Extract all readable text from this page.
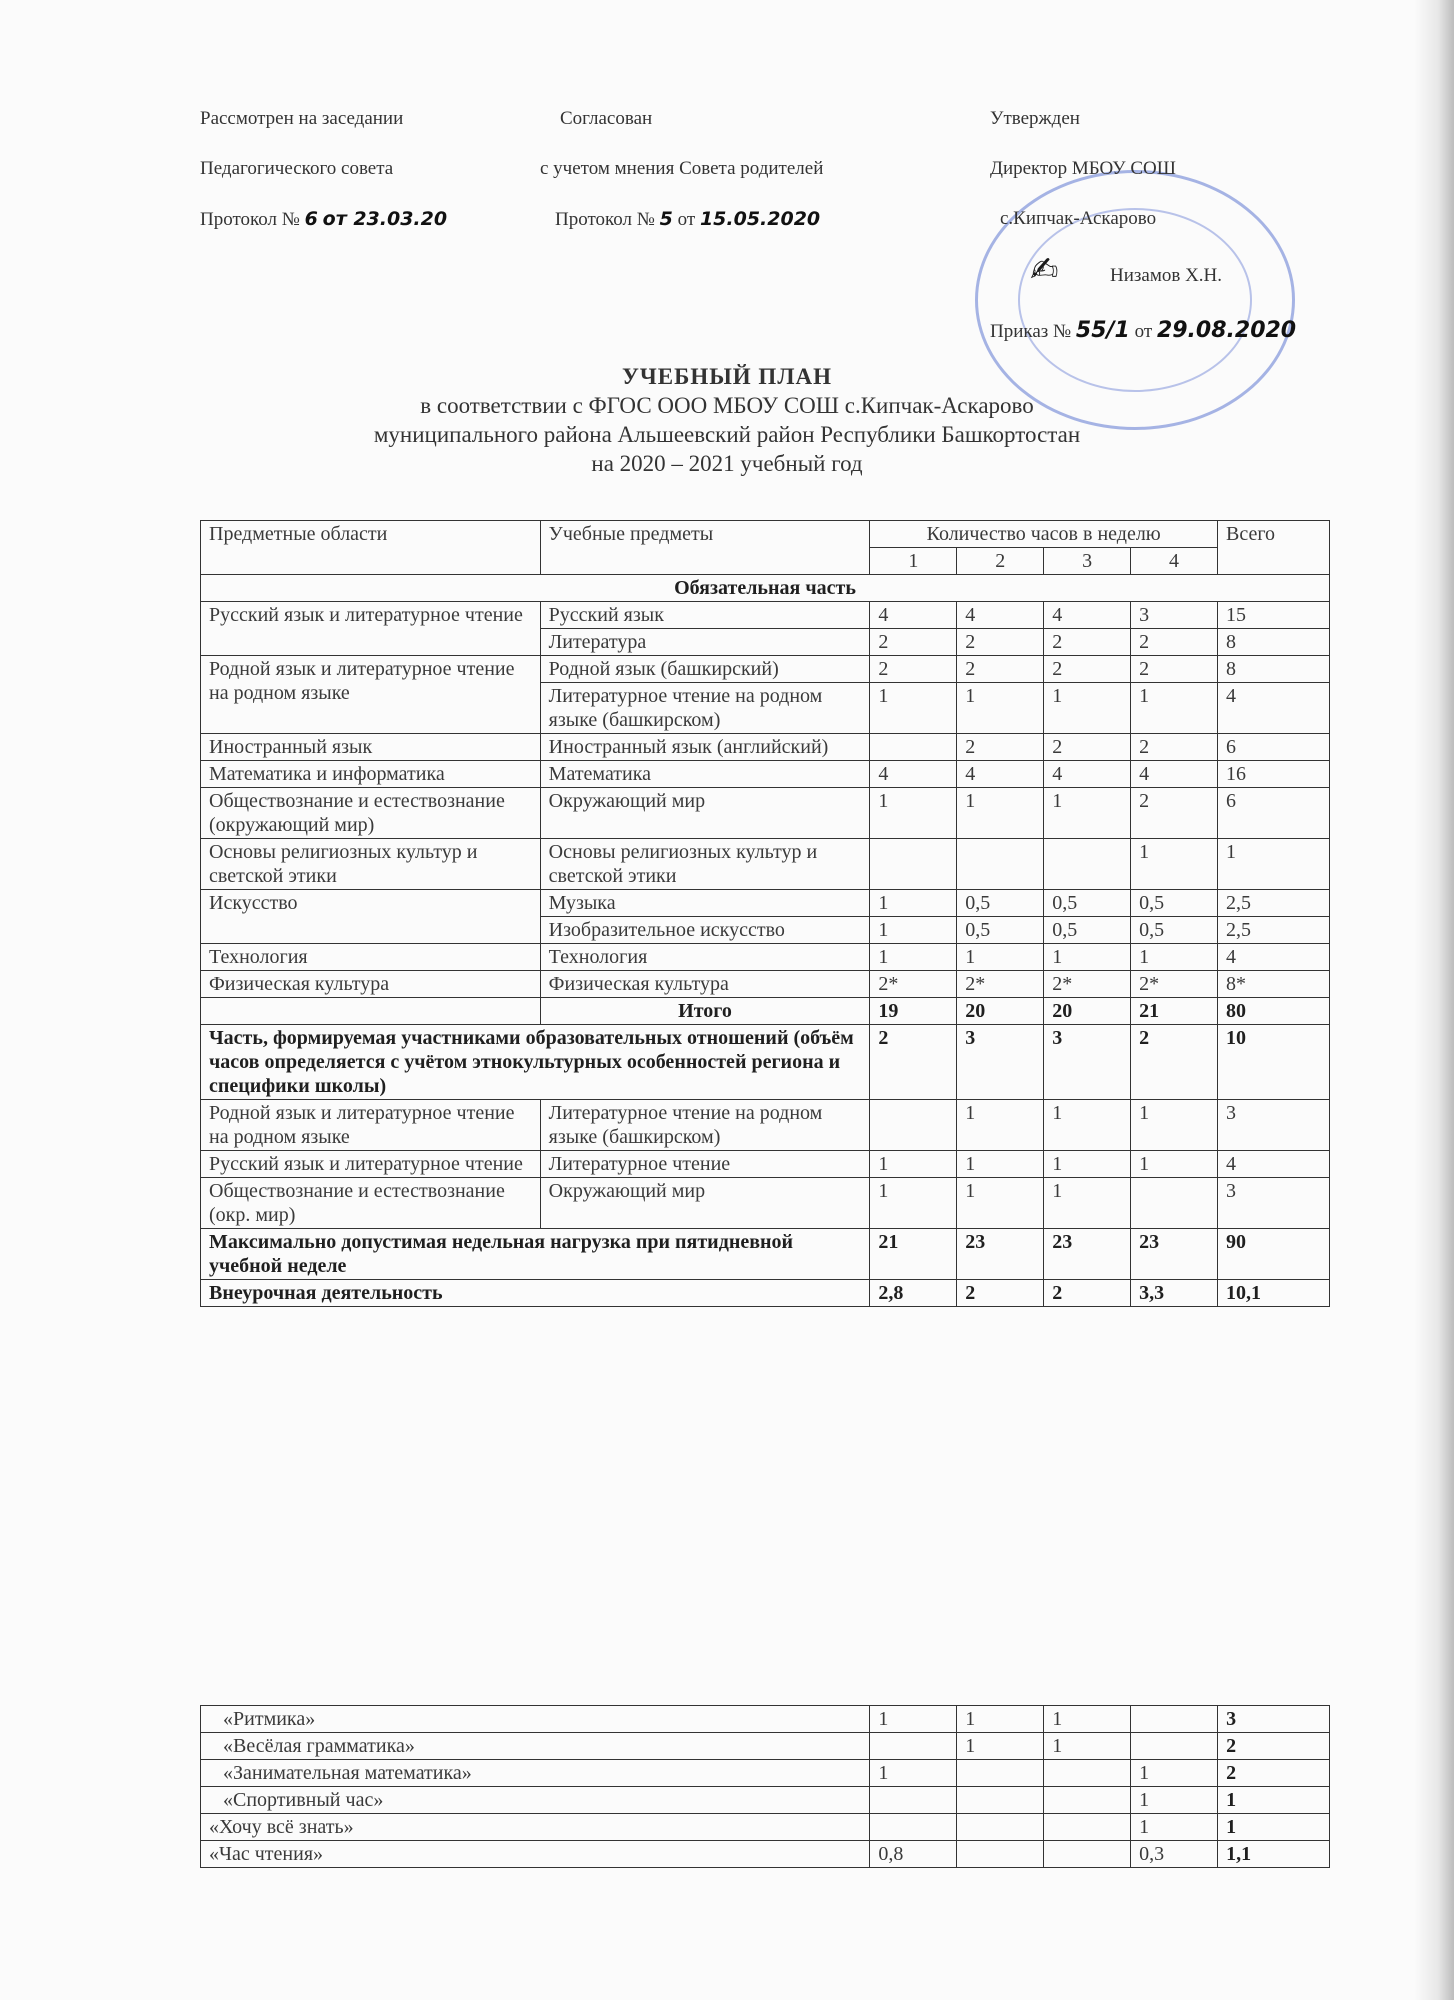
Рассмотрен на заседании
Педагогического совета
Протокол № 6 от 23.03.20
Согласован
с учетом мнения Совета родителей
Протокол № 5 от 15.05.2020
✍
Утвержден
Директор МБОУ СОШ
с.Кипчак-Аскарово
Низамов Х.Н.
Приказ № 55/1 от 29.08.2020
УЧЕБНЫЙ ПЛАН
в соответствии с ФГОС ООО МБОУ СОШ с.Кипчак-Аскарово
муниципального района Альшеевский район Республики Башкортостан
на 2020 – 2021 учебный год
Предметные области	Учебные предметы	Количество часов в неделю				Всего
		1	2	3	4	
Обязательная часть						
Русский язык и литературное чтение	Русский язык	4	4	4	3	15
	Литература	2	2	2	2	8
Родной язык и литературное чтение на родном языке	Родной язык (башкирский)	2	2	2	2	8
	Литературное чтение на родном языке (башкирском)	1	1	1	1	4
Иностранный язык	Иностранный язык (английский)		2	2	2	6
Математика и информатика	Математика	4	4	4	4	16
Обществознание и естествознание (окружающий мир)	Окружающий мир	1	1	1	2	6
Основы религиозных культур и светской этики	Основы религиозных культур и светской этики				1	1
Искусство	Музыка	1	0,5	0,5	0,5	2,5
	Изобразительное искусство	1	0,5	0,5	0,5	2,5
Технология	Технология	1	1	1	1	4
Физическая культура	Физическая культура	2*	2*	2*	2*	8*
	Итого	19	20	20	21	80
Часть, формируемая участниками образовательных отношений (объём часов определяется с учётом этнокультурных особенностей региона и специфики школы)		2	3	3	2	10
Родной язык и литературное чтение на родном языке	Литературное чтение на родном языке (башкирском)		1	1	1	3
Русский язык и литературное чтение	Литературное чтение	1	1	1	1	4
Обществознание и естествознание (окр. мир)	Окружающий мир	1	1	1		3
Максимально допустимая недельная нагрузка при пятидневной учебной неделе		21	23	23	23	90
Внеурочная деятельность		2,8	2	2	3,3	10,1
«Ритмика»	1	1	1		3
«Весёлая грамматика»		1	1		2
«Занимательная математика»	1			1	2
«Спортивный час»				1	1
«Хочу всё знать»				1	1
«Час чтения»	0,8			0,3	1,1
